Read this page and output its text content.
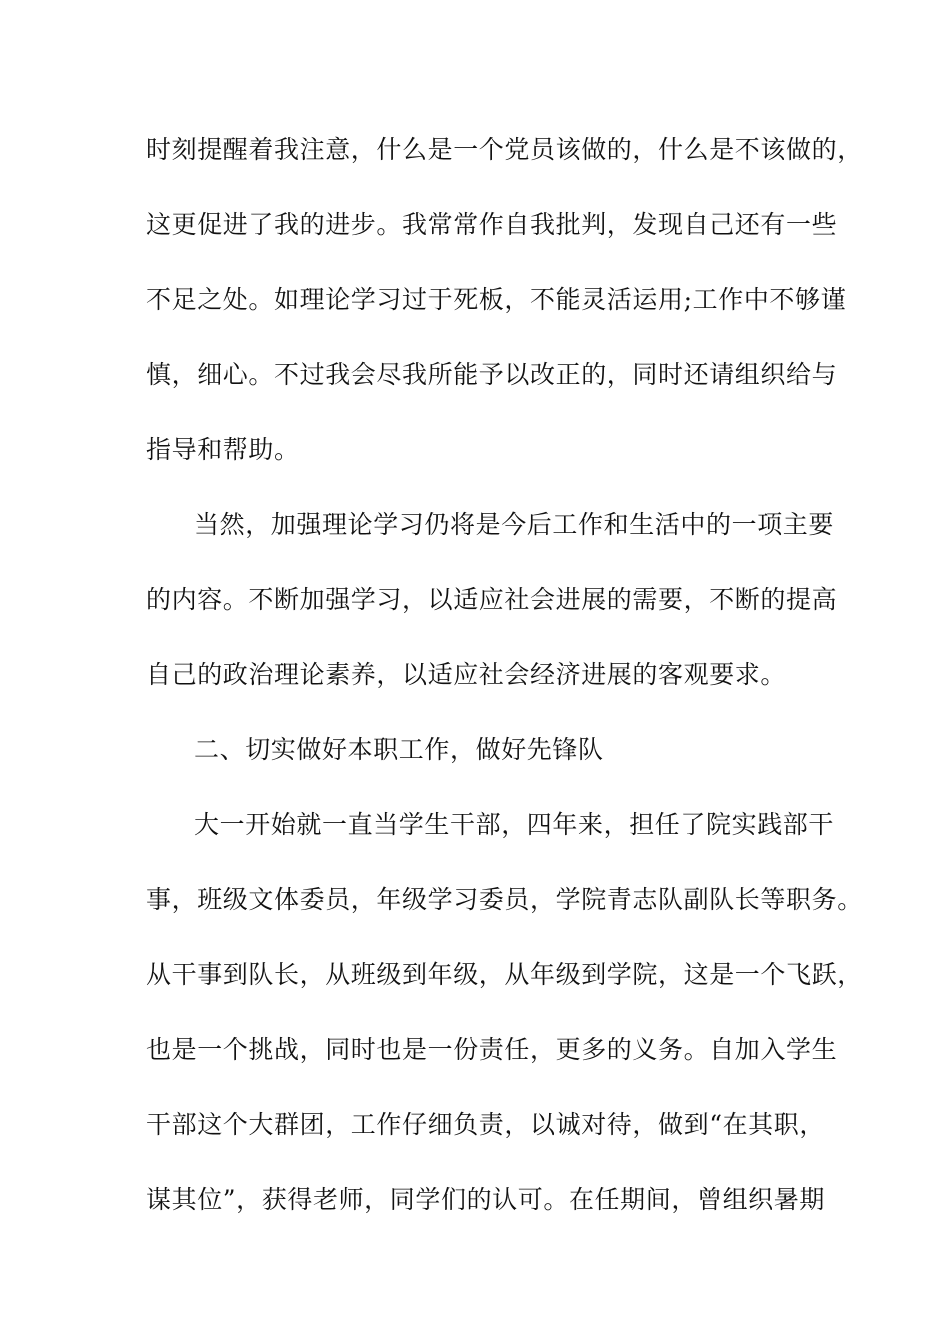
时刻提醒着我注意，什么是一个党员该做的，什么是不该做的，
这更促进了我的进步。我常常作自我批判，发现自己还有一些
不足之处。如理论学习过于死板，不能灵活运用;工作中不够谨
慎，细心。不过我会尽我所能予以改正的，同时还请组织给与
指导和帮助。
当然，加强理论学习仍将是今后工作和生活中的一项主要
的内容。不断加强学习，以适应社会进展的需要，不断的提高
自己的政治理论素养，以适应社会经济进展的客观要求。
二、切实做好本职工作，做好先锋队
大一开始就一直当学生干部，四年来，担任了院实践部干
事，班级文体委员，年级学习委员，学院青志队副队长等职务。
从干事到队长，从班级到年级，从年级到学院，这是一个飞跃，
也是一个挑战，同时也是一份责任，更多的义务。自加入学生
干部这个大群团，工作仔细负责，以诚对待，做到“在其职，
谋其位”，获得老师，同学们的认可。在任期间，曾组织暑期
